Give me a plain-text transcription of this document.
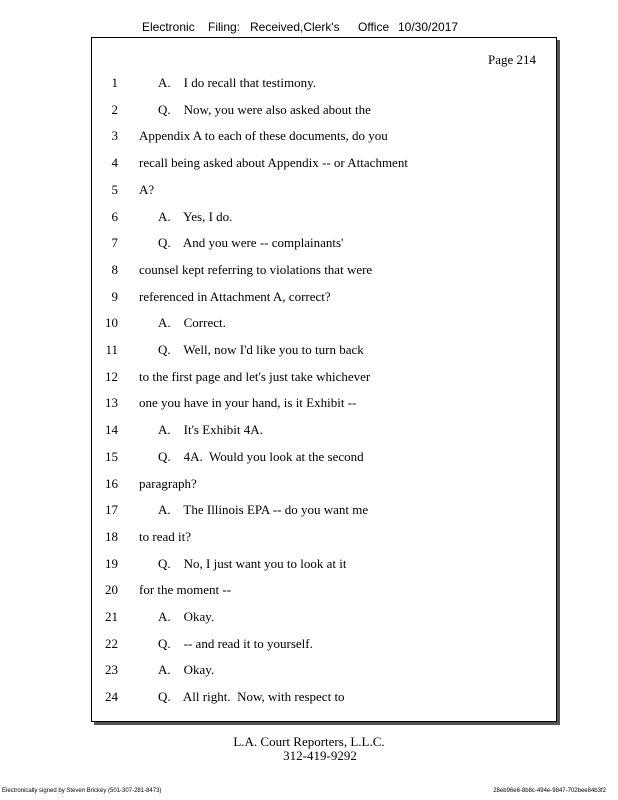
Electronic Filing: Received,Clerk's Office 10/30/2017
Page 214
1	A.    I do recall that testimony.
2	Q.    Now, you were also asked about the
3 Appendix A to each of these documents, do you
4 recall being asked about Appendix -- or Attachment
5 A?
6	A.    Yes, I do.
7	Q.    And you were -- complainants'
8 counsel kept referring to violations that were
9 referenced in Attachment A, correct?
10	A.    Correct.
11	Q.    Well, now I'd like you to turn back
12 to the first page and let's just take whichever
13 one you have in your hand, is it Exhibit --
14	A.    It's Exhibit 4A.
15	Q.    4A.  Would you look at the second
16 paragraph?
17	A.    The Illinois EPA -- do you want me
18 to read it?
19	Q.    No, I just want you to look at it
20 for the moment --
21	A.    Okay.
22	Q.    -- and read it to yourself.
23	A.    Okay.
24	Q.    All right.  Now, with respect to
L.A. Court Reporters, L.L.C.
312-419-9292
Electronically signed by Steven Brickey (501-307-281-8473)	28eb96e6-8b8c-494e-9847-702bee84b3f2
